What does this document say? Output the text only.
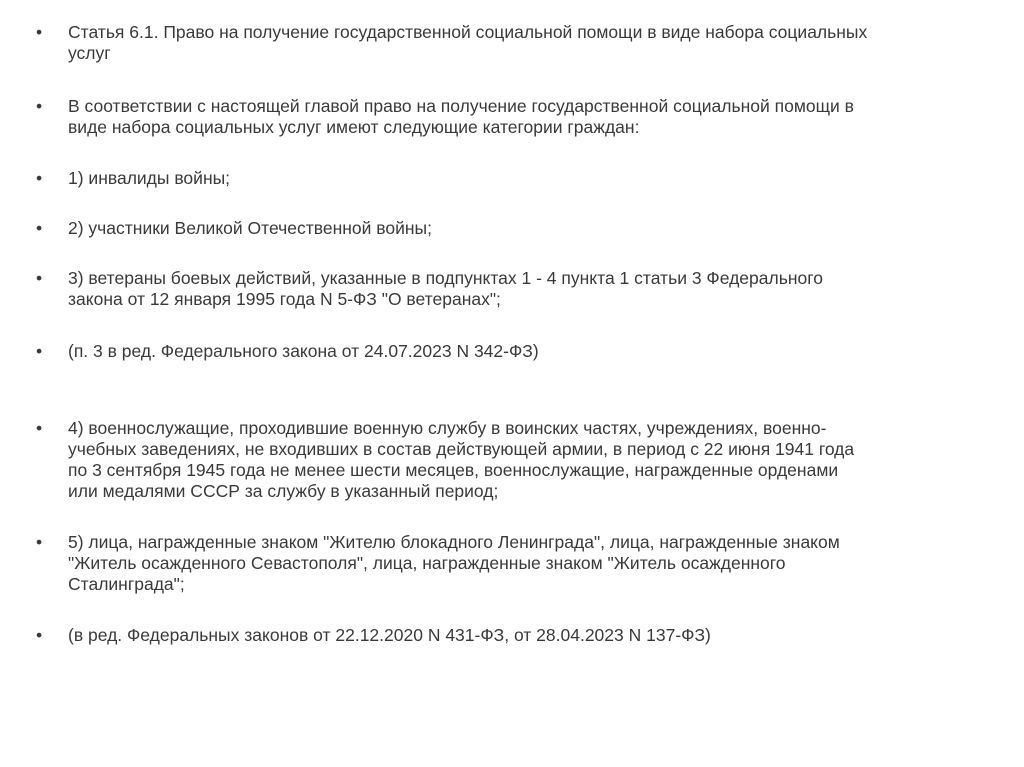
•	Статья 6.1. Право на получение государственной социальной помощи в виде набора социальных
услуг
•	В соответствии с настоящей главой право на получение государственной социальной помощи в
виде набора социальных услуг имеют следующие категории граждан:
•	1) инвалиды войны;
•	2) участники Великой Отечественной войны;
•	3) ветераны боевых действий, указанные в подпунктах 1 - 4 пункта 1 статьи 3 Федерального
закона от 12 января 1995 года N 5-ФЗ "О ветеранах";
•	(п. 3 в ред. Федерального закона от 24.07.2023 N 342-ФЗ)
•	4) военнослужащие, проходившие военную службу в воинских частях, учреждениях, военно-
учебных заведениях, не входивших в состав действующей армии, в период с 22 июня 1941 года
по 3 сентября 1945 года не менее шести месяцев, военнослужащие, награжденные орденами
или медалями СССР за службу в указанный период;
•	5) лица, награжденные знаком "Жителю блокадного Ленинграда", лица, награжденные знаком
"Житель осажденного Севастополя", лица, награжденные знаком "Житель осажденного
Сталинграда";
•	(в ред. Федеральных законов от 22.12.2020 N 431-ФЗ, от 28.04.2023 N 137-ФЗ)
